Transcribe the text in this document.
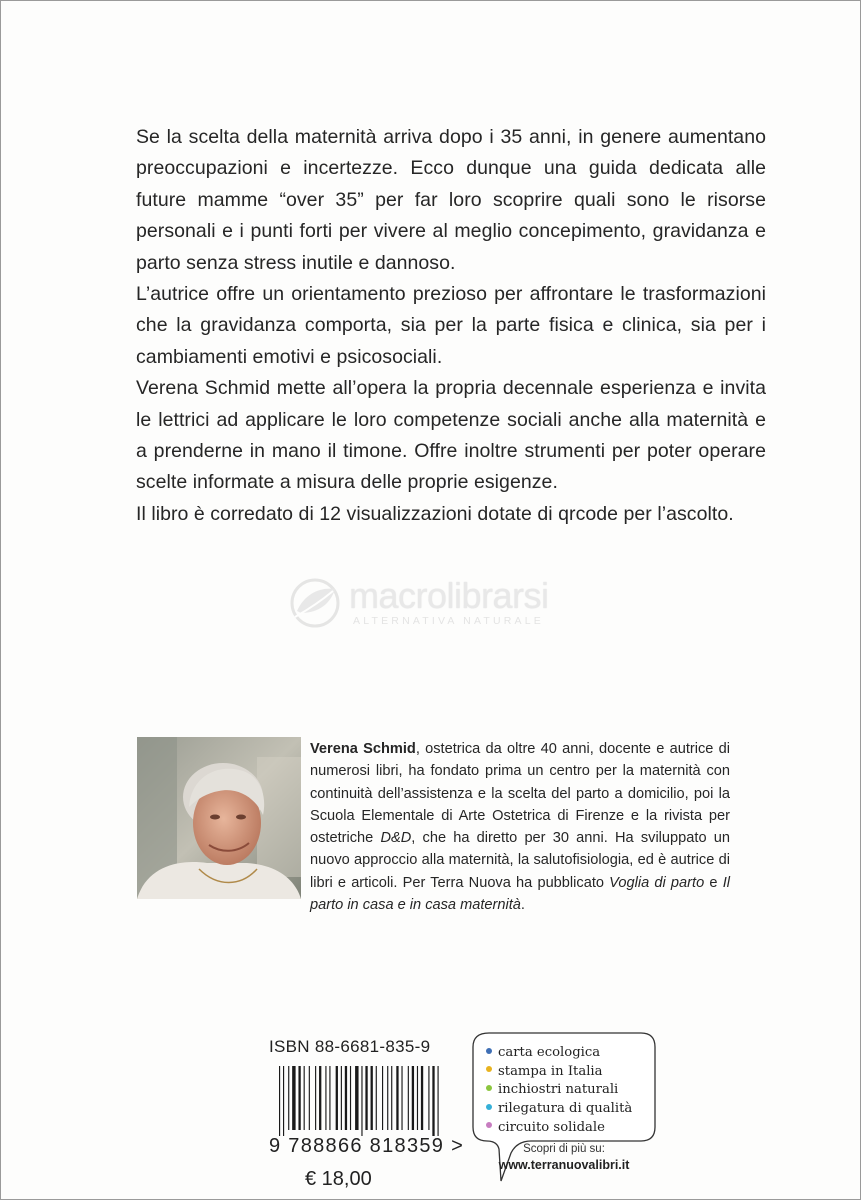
Se la scelta della maternità arriva dopo i 35 anni, in genere aumentano preoccupazioni e incertezze. Ecco dunque una guida dedicata alle future mamme “over 35” per far loro scoprire quali sono le risorse personali e i punti forti per vivere al meglio concepimento, gravidanza e parto senza stress inutile e dannoso.

L’autrice offre un orientamento prezioso per affrontare le trasformazioni che la gravidanza comporta, sia per la parte fisica e clinica, sia per i cambiamenti emotivi e psicosociali.

Verena Schmid mette all’opera la propria decennale esperienza e invita le lettrici ad applicare le loro competenze sociali anche alla maternità e a prenderne in mano il timone. Offre inoltre strumenti per poter operare scelte informate a misura delle proprie esigenze.

Il libro è corredato di 12 visualizzazioni dotate di qrcode per l’ascolto.

macrolibrarsi
ALTERNATIVA NATURALE

Verena Schmid, ostetrica da oltre 40 anni, docente e autrice di numerosi libri, ha fondato prima un centro per la maternità con continuità dell’assistenza e la scelta del parto a domicilio, poi la Scuola Elementale di Arte Ostetrica di Firenze e la rivista per ostetriche D&D, che ha diretto per 30 anni. Ha sviluppato un nuovo approccio alla maternità, la salutofisiologia, ed è autrice di libri e articoli. Per Terra Nuova ha pubblicato Voglia di parto e Il parto in casa e in casa maternità.

ISBN 88-6681-835-9
9 788866 818359 >
€ 18,00
carta ecologica
stampa in Italia
inchiostri naturali
rilegatura di qualità
circuito solidale
Scopri di più su:
www.terranuovalibri.it
